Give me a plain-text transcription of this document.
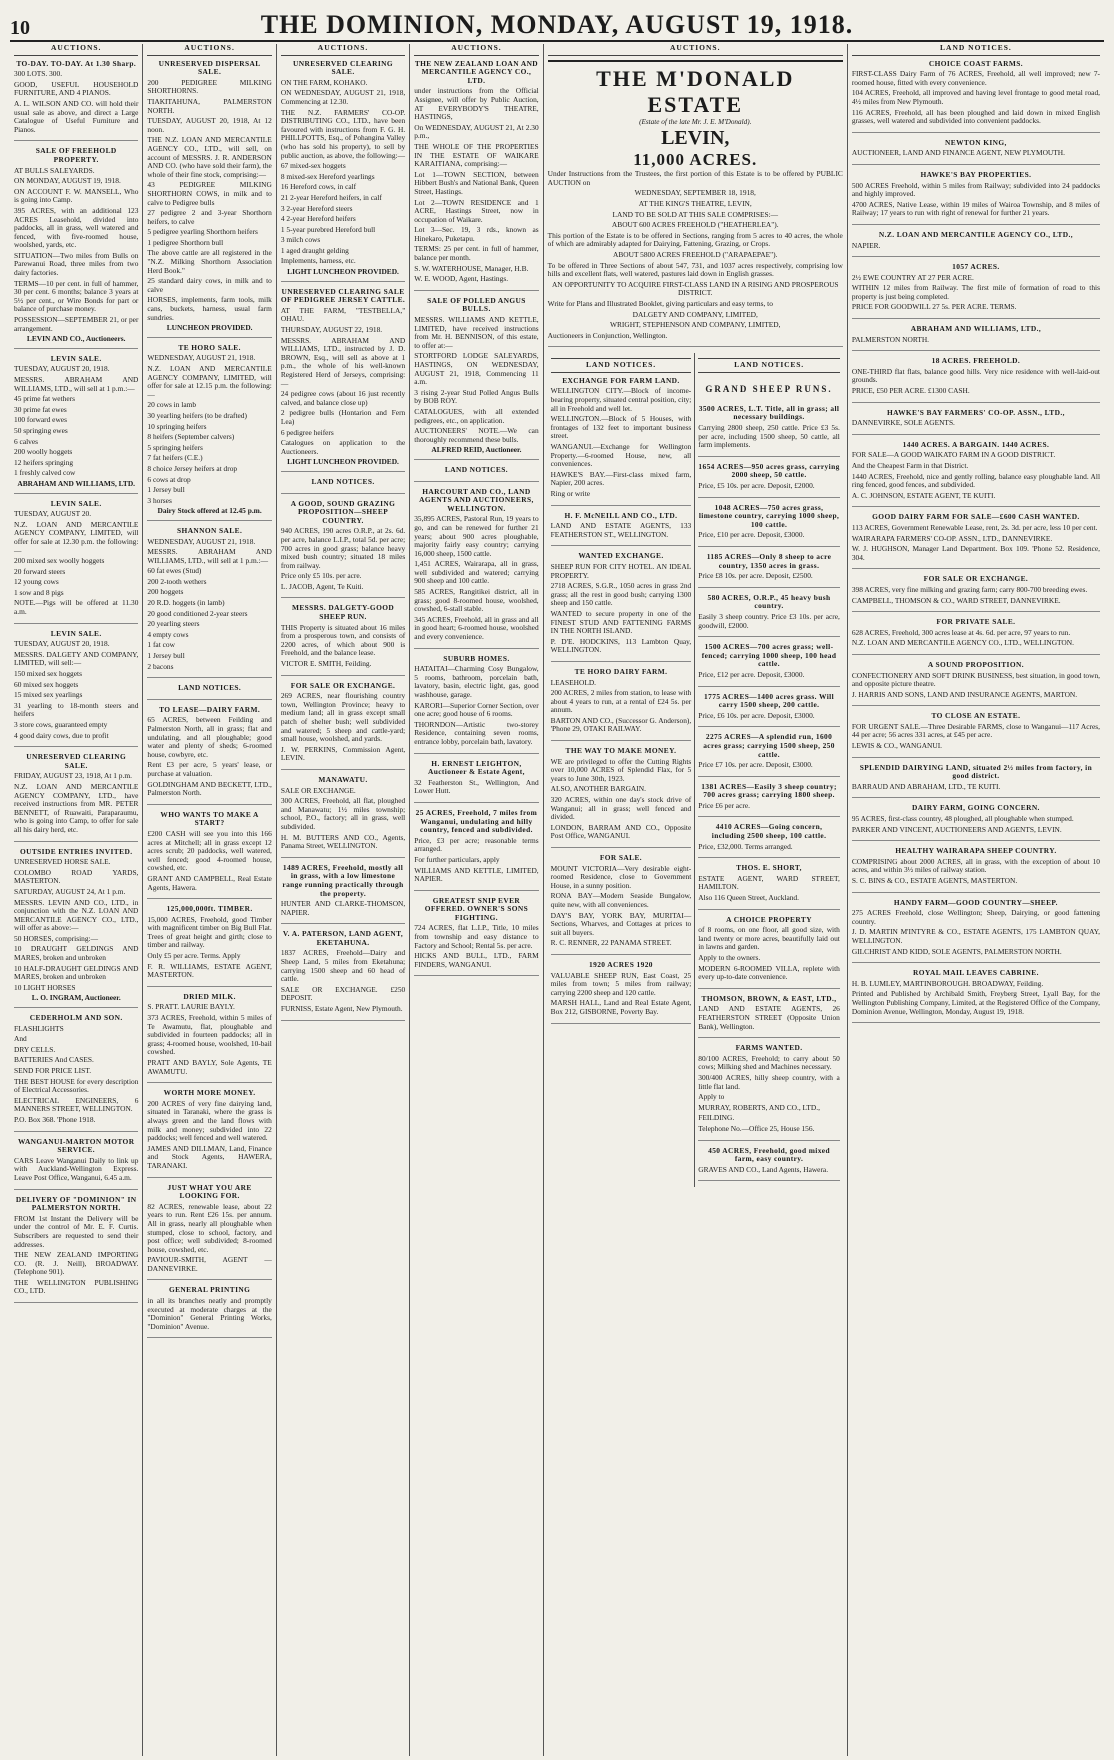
10	THE DOMINION, MONDAY, AUGUST 19, 1918.
AUCTIONS.
TO-DAY. TO-DAY. At 1.30 Sharp.

300 LOTS. 300.

GOOD, USEFUL HOUSEHOLD FURNITURE, AND 4 PIANOS.

A. L. WILSON AND CO. will hold their usual sale as above, and direct a Large Catalogue of Useful Furniture and Pianos.

SALE OF FREEHOLD PROPERTY.

AT BULLS SALEYARDS.

ON MONDAY, AUGUST 19, 1918.

ON ACCOUNT F. W. MANSELL, Who is going into Camp.

395 ACRES, with an additional 123 ACRES Leasehold, divided into paddocks, all in grass, well watered and fenced, with five-roomed house, woolshed, yards, etc.

SITUATION—Two miles from Bulls on Parewanui Road, three miles from two dairy factories.

TERMS—10 per cent. in full of hammer, 30 per cent. 6 months; balance 3 years at 5½ per cent., or Wire Bonds for part or balance of purchase money.

POSSESSION—SEPTEMBER 21, or per arrangement.

LEVIN AND CO., Auctioneers.
LEVIN SALE.

TUESDAY, AUGUST 20, 1918.

MESSRS. ABRAHAM AND WILLIAMS, LTD., will sell at 1 p.m.:—

45 prime fat wethers

30 prime fat ewes

100 forward ewes

50 springing ewes

6 calves

200 woolly hoggets

12 heifers springing

1 freshly calved cow

ABRAHAM AND WILLIAMS, LTD.
LEVIN SALE.

TUESDAY, AUGUST 20.

N.Z. LOAN AND MERCANTILE AGENCY COMPANY, LIMITED, will offer for sale at 12.30 p.m. the following:—

200 mixed sex woolly hoggets

20 forward steers

12 young cows

1 sow and 8 pigs

NOTE.—Pigs will be offered at 11.30 a.m.

LEVIN SALE.

TUESDAY, AUGUST 20, 1918.

MESSRS. DALGETY AND COMPANY, LIMITED, will sell:—

150 mixed sex hoggets

60 mixed sex hoggets

15 mixed sex yearlings

31 yearling to 18-month steers and heifers

3 store cows, guaranteed empty

4 good dairy cows, due to profit

UNRESERVED CLEARING SALE.

FRIDAY, AUGUST 23, 1918, At 1 p.m.

N.Z. LOAN AND MERCANTILE AGENCY COMPANY, LTD., have received instructions from MR. PETER BENNETT, of Ruawaiti, Paraparaumu, who is going into Camp, to offer for sale all his dairy herd, etc.

OUTSIDE ENTRIES INVITED.

UNRESERVED HORSE SALE.

COLOMBO ROAD YARDS, MASTERTON.

SATURDAY, AUGUST 24, At 1 p.m.

MESSRS. LEVIN AND CO., LTD., in conjunction with the N.Z. LOAN AND MERCANTILE AGENCY CO., LTD., will offer as above:—

50 HORSES, comprising:—

10 DRAUGHT GELDINGS AND MARES, broken and unbroken

10 HALF-DRAUGHT GELDINGS AND MARES, broken and unbroken

10 LIGHT HORSES

L. O. INGRAM, Auctioneer.
CEDERHOLM AND SON.

FLASHLIGHTS

And

DRY CELLS.

BATTERIES And CASES.

SEND FOR PRICE LIST.

THE BEST HOUSE for every description of Electrical Accessories.

ELECTRICAL ENGINEERS, 6 MANNERS STREET, WELLINGTON.

P.O. Box 368. 'Phone 1918.

WANGANUI-MARTON MOTOR SERVICE.

CARS Leave Wanganui Daily to link up with Auckland-Wellington Express. Leave Post Office, Wanganui, 6.45 a.m.

DELIVERY OF "DOMINION" IN PALMERSTON NORTH.

FROM 1st Instant the Delivery will be under the control of Mr. E. F. Curtis. Subscribers are requested to send their addresses.

THE NEW ZEALAND IMPORTING CO. (R. J. Neill), BROADWAY. (Telephone 901).

THE WELLINGTON PUBLISHING CO., LTD.

AUCTIONS.
UNRESERVED DISPERSAL SALE.

200 PEDIGREE MILKING SHORTHORNS.

TIAKITAHUNA, PALMERSTON NORTH.

TUESDAY, AUGUST 20, 1918, At 12 noon.

THE N.Z. LOAN AND MERCANTILE AGENCY CO., LTD., will sell, on account of MESSRS. J. R. ANDERSON AND CO. (who have sold their farm), the whole of their fine stock, comprising:—

43 PEDIGREE MILKING SHORTHORN COWS, in milk and to calve to Pedigree bulls

27 pedigree 2 and 3-year Shorthorn heifers, to calve

5 pedigree yearling Shorthorn heifers

1 pedigree Shorthorn bull

The above cattle are all registered in the "N.Z. Milking Shorthorn Association Herd Book."

25 standard dairy cows, in milk and to calve

HORSES, implements, farm tools, milk cans, buckets, harness, usual farm sundries.

LUNCHEON PROVIDED.
TE HORO SALE.

WEDNESDAY, AUGUST 21, 1918.

N.Z. LOAN AND MERCANTILE AGENCY COMPANY, LIMITED, will offer for sale at 12.15 p.m. the following:—

20 cows in lamb

30 yearling heifers (to be drafted)

10 springing heifers

8 heifers (September calvers)

5 springing heifers

7 fat heifers (C.E.)

8 choice Jersey heifers at drop

6 cows at drop

1 Jersey bull

3 horses

Dairy Stock offered at 12.45 p.m.
SHANNON SALE.

WEDNESDAY, AUGUST 21, 1918.

MESSRS. ABRAHAM AND WILLIAMS, LTD., will sell at 1 p.m.:—

60 fat ewes (Stud)

200 2-tooth wethers

200 hoggets

20 R.D. hoggets (in lamb)

20 good conditioned 2-year steers

20 yearling steers

4 empty cows

1 fat cow

1 Jersey bull

2 bacons

LAND NOTICES.
TO LEASE—DAIRY FARM.

65 ACRES, between Feilding and Palmerston North, all in grass; flat and undulating, and all ploughable; good water and plenty of sheds; 6-roomed house, cowbyre, etc.

Rent £3 per acre, 5 years' lease, or purchase at valuation.

GOLDINGHAM AND BECKETT, LTD., Palmerston North.

WHO WANTS TO MAKE A START?

£200 CASH will see you into this 166 acres at Mitchell; all in grass except 12 acres scrub; 20 paddocks, well watered, well fenced; good 4-roomed house, cowshed, etc.

GRANT AND CAMPBELL, Real Estate Agents, Hawera.

125,000,000ft. TIMBER.

15,000 ACRES, Freehold, good Timber with magnificent timber on Big Bull Flat. Trees of great height and girth; close to timber and railway.

Only £5 per acre. Terms. Apply

F. R. WILLIAMS, ESTATE AGENT, MASTERTON.

DRIED MILK.

S. PRATT. LAURIE BAYLY.

373 ACRES, Freehold, within 5 miles of Te Awamutu, flat, ploughable and subdivided in fourteen paddocks; all in grass; 4-roomed house, woolshed, 10-bail cowshed.

PRATT AND BAYLY, Sole Agents, TE AWAMUTU.

WORTH MORE MONEY.

200 ACRES of very fine dairying land, situated in Taranaki, where the grass is always green and the land flows with milk and money; subdivided into 22 paddocks; well fenced and well watered.

JAMES AND DILLMAN, Land, Finance and Stock Agents, HAWERA, TARANAKI.

JUST WHAT YOU ARE LOOKING FOR.

82 ACRES, renewable lease, about 22 years to run. Rent £26 15s. per annum. All in grass, nearly all ploughable when stumped, close to school, factory, and post office; well subdivided; 8-roomed house, cowshed, etc.

PAVIOUR-SMITH, AGENT — DANNEVIRKE.

GENERAL PRINTING

in all its branches neatly and promptly executed at moderate charges at the "Dominion" General Printing Works, "Dominion" Avenue.

AUCTIONS.
UNRESERVED CLEARING SALE.

ON THE FARM, KOHAKO.

ON WEDNESDAY, AUGUST 21, 1918, Commencing at 12.30.

THE N.Z. FARMERS' CO-OP. DISTRIBUTING CO., LTD., have been favoured with instructions from F. G. H. PHILLPOTTS, Esq., of Pohangina Valley (who has sold his property), to sell by public auction, as above, the following:—

67 mixed-sex hoggets

8 mixed-sex Hereford yearlings

16 Hereford cows, in calf

21 2-year Hereford heifers, in calf

3 2-year Hereford steers

4 2-year Hereford heifers

1 5-year purebred Hereford bull

3 milch cows

1 aged draught gelding

Implements, harness, etc.

LIGHT LUNCHEON PROVIDED.
UNRESERVED CLEARING SALE OF PEDIGREE JERSEY CATTLE.

AT THE FARM, "TESTBELLA," OHAU.

THURSDAY, AUGUST 22, 1918.

MESSRS. ABRAHAM AND WILLIAMS, LTD., instructed by J. D. BROWN, Esq., will sell as above at 1 p.m., the whole of his well-known Registered Herd of Jerseys, comprising:—

24 pedigree cows (about 16 just recently calved, and balance close up)

2 pedigree bulls (Hontarion and Fern Lea)

6 pedigree heifers

Catalogues on application to the Auctioneers.

LIGHT LUNCHEON PROVIDED.
LAND NOTICES.
A GOOD, SOUND GRAZING PROPOSITION—SHEEP COUNTRY.

940 ACRES, 190 acres O.R.P., at 2s. 6d. per acre, balance L.I.P., total 5d. per acre; 700 acres in good grass; balance heavy mixed bush country; situated 18 miles from railway.

Price only £5 10s. per acre.

L. JACOB, Agent, Te Kuiti.

MESSRS. DALGETY-GOOD SHEEP RUN.

THIS Property is situated about 16 miles from a prosperous town, and consists of 2200 acres, of which about 900 is Freehold, and the balance lease.

VICTOR E. SMITH, Feilding.

FOR SALE OR EXCHANGE.

269 ACRES, near flourishing country town, Wellington Province; heavy to medium land; all in grass except small patch of shelter bush; well subdivided and watered; 5 sheep and cattle-yard; small house, woolshed, and yards.

J. W. PERKINS, Commission Agent, LEVIN.

MANAWATU.

SALE OR EXCHANGE.

300 ACRES, Freehold, all flat, ploughed and Manawatu; 1½ miles township; school, P.O., factory; all in grass, well subdivided.

H. M. BUTTERS AND CO., Agents, Panama Street, WELLINGTON.

1489 ACRES, Freehold, mostly all in grass, with a low limestone range running practically through the property.

HUNTER AND CLARKE-THOMSON, NAPIER.

V. A. PATERSON, LAND AGENT, EKETAHUNA.

1837 ACRES, Freehold—Dairy and Sheep Land, 5 miles from Eketahuna; carrying 1500 sheep and 60 head of cattle.

SALE OR EXCHANGE. £250 DEPOSIT.

FURNISS, Estate Agent, New Plymouth.

AUCTIONS.
THE NEW ZEALAND LOAN AND MERCANTILE AGENCY CO., LTD.

under instructions from the Official Assignee, will offer by Public Auction, AT EVERYBODY'S THEATRE, HASTINGS,

On WEDNESDAY, AUGUST 21, At 2.30 p.m.,

THE WHOLE OF THE PROPERTIES IN THE ESTATE OF WAIKARE KARAITIANA, comprising:—

Lot 1—TOWN SECTION, between Hibbert Bush's and National Bank, Queen Street, Hastings.

Lot 2—TOWN RESIDENCE and 1 ACRE, Hastings Street, now in occupation of Waikare.

Lot 3—Sec. 19, 3 rds., known as Hinekaro, Puketapu.

TERMS: 25 per cent. in full of hammer, balance per month.

S. W. WATERHOUSE, Manager, H.B.

W. E. WOOD, Agent, Hastings.

SALE OF POLLED ANGUS BULLS.

MESSRS. WILLIAMS AND KETTLE, LIMITED, have received instructions from Mr. H. BENNISON, of this estate, to offer at:—

STORTFORD LODGE SALEYARDS, HASTINGS, ON WEDNESDAY, AUGUST 21, 1918, Commencing 11 a.m.

3 rising 2-year Stud Polled Angus Bulls by BOB ROY.

CATALOGUES, with all extended pedigrees, etc., on application.

AUCTIONEERS' NOTE.—We can thoroughly recommend these bulls.

ALFRED REID, Auctioneer.
LAND NOTICES.
HARCOURT AND CO., LAND AGENTS AND AUCTIONEERS, WELLINGTON.

35,895 ACRES, Pastoral Run, 19 years to go, and can be renewed for further 21 years; about 900 acres ploughable, majority fairly easy country; carrying 16,000 sheep, 1500 cattle.

1,451 ACRES, Wairarapa, all in grass, well subdivided and watered; carrying 900 sheep and 100 cattle.

585 ACRES, Rangitikei district, all in grass; good 8-roomed house, woolshed, cowshed, 6-stall stable.

345 ACRES, Freehold, all in grass and all in good heart; 6-roomed house, woolshed and every convenience.

SUBURB HOMES.

HATAITAI—Charming Cosy Bungalow, 5 rooms, bathroom, porcelain bath, lavatory, basin, electric light, gas, good washhouse, garage.

KARORI—Superior Corner Section, over one acre; good house of 6 rooms.

THORNDON—Artistic two-storey Residence, containing seven rooms, entrance lobby, porcelain bath, lavatory.

H. ERNEST LEIGHTON, Auctioneer & Estate Agent,

32 Featherston St., Wellington, And Lower Hutt.

25 ACRES, Freehold, 7 miles from Wanganui, undulating and hilly country, fenced and subdivided.

Price, £3 per acre; reasonable terms arranged.

For further particulars, apply

WILLIAMS AND KETTLE, LIMITED, NAPIER.

GREATEST SNIP EVER OFFERED. OWNER'S SONS FIGHTING.

724 ACRES, flat L.I.P., Title, 10 miles from township and easy distance to Factory and School; Rental 5s. per acre.

HICKS AND BULL, LTD., FARM FINDERS, WANGANUI.

AUCTIONS.
THE M'DONALD ESTATE
(Estate of the late Mr. J. E. M'Donald).
LEVIN,
11,000 ACRES.

Under Instructions from the Trustees, the first portion of this Estate is to be offered by PUBLIC AUCTION on

WEDNESDAY, SEPTEMBER 18, 1918,

AT THE KING'S THEATRE, LEVIN,

LAND TO BE SOLD AT THIS SALE COMPRISES:—

ABOUT 600 ACRES FREEHOLD ("HEATHERLEA").

This portion of the Estate is to be offered in Sections, ranging from 5 acres to 40 acres, the whole of which are admirably adapted for Dairying, Fattening, Grazing, or Crops.

ABOUT 5800 ACRES FREEHOLD ("ARAPAEPAE").

To be offered in Three Sections of about 547, 731, and 1037 acres respectively, comprising low hills and excellent flats, well watered, pastures laid down in English grasses.

AN OPPORTUNITY TO ACQUIRE FIRST-CLASS LAND IN A RISING AND PROSPEROUS DISTRICT.

Write for Plans and Illustrated Booklet, giving particulars and easy terms, to

DALGETY AND COMPANY, LIMITED,

WRIGHT, STEPHENSON AND COMPANY, LIMITED,

Auctioneers in Conjunction, Wellington.

LAND NOTICES.
EXCHANGE FOR FARM LAND.

WELLINGTON CITY.—Block of income-bearing property, situated central position, city; all in Freehold and well let.

WELLINGTON.—Block of 5 Houses, with frontages of 132 feet to important business street.

WANGANUI.—Exchange for Wellington Property.—6-roomed House, new, all conveniences.

HAWKE'S BAY.—First-class mixed farm, Napier, 200 acres.

Ring or write

H. F. McNEILL AND CO., LTD.

LAND AND ESTATE AGENTS, 133 FEATHERSTON ST., WELLINGTON.

WANTED EXCHANGE.

SHEEP RUN FOR CITY HOTEL. AN IDEAL PROPERTY.

2718 ACRES, S.G.R., 1050 acres in grass 2nd grass; all the rest in good bush; carrying 1300 sheep and 150 cattle.

WANTED to secure property in one of the FINEST STUD AND FATTENING FARMS IN THE NORTH ISLAND.

P. D'E. HODCKINS, 113 Lambton Quay, WELLINGTON.

TE HORO DAIRY FARM.

LEASEHOLD.

200 ACRES, 2 miles from station, to lease with about 4 years to run, at a rental of £24 5s. per annum.

BARTON AND CO., (Successor G. Anderson), 'Phone 29, OTAKI RAILWAY.

THE WAY TO MAKE MONEY.

WE are privileged to offer the Cutting Rights over 10,000 ACRES of Splendid Flax, for 5 years to June 30th, 1923.

ALSO, ANOTHER BARGAIN.

320 ACRES, within one day's stock drive of Wanganui; all in grass; well fenced and divided.

LONDON, BARRAM AND CO., Opposite Post Office, WANGANUI.

FOR SALE.

MOUNT VICTORIA—Very desirable eight-roomed Residence, close to Government House, in a sunny position.

RONA BAY—Modern Seaside Bungalow, quite new, with all conveniences.

DAY'S BAY, YORK BAY, MURITAI—Sections, Wharves, and Cottages at prices to suit all buyers.

R. C. RENNER, 22 PANAMA STREET.

1920 ACRES 1920

VALUABLE SHEEP RUN, East Coast, 25 miles from town; 5 miles from railway; carrying 2200 sheep and 120 cattle.

MARSH HALL, Land and Real Estate Agent, Box 212, GISBORNE, Poverty Bay.

LAND NOTICES.
GRAND SHEEP RUNS.
3500 ACRES, L.T. Title, all in grass; all necessary buildings.

Carrying 2800 sheep, 250 cattle. Price £3 5s. per acre, including 1500 sheep, 50 cattle, all farm implements.

1654 ACRES—950 acres grass, carrying 2000 sheep, 50 cattle.

Price, £5 10s. per acre. Deposit, £2000.

1048 ACRES—750 acres grass, limestone country, carrying 1000 sheep, 100 cattle.

Price, £10 per acre. Deposit, £3000.

1185 ACRES—Only 8 sheep to acre country, 1350 acres in grass.

Price £8 10s. per acre. Deposit, £2500.

580 ACRES, O.R.P., 45 heavy bush country.

Easily 3 sheep country. Price £3 10s. per acre, goodwill, £2000.

1500 ACRES—700 acres grass; well-fenced; carrying 1000 sheep, 100 head cattle.

Price, £12 per acre. Deposit, £3000.

1775 ACRES—1400 acres grass. Will carry 1500 sheep, 200 cattle.

Price, £6 10s. per acre. Deposit, £3000.

2275 ACRES—A splendid run, 1600 acres grass; carrying 1500 sheep, 250 cattle.

Price £7 10s. per acre. Deposit, £3000.

1381 ACRES—Easily 3 sheep country; 700 acres grass; carrying 1800 sheep.

Price £6 per acre.

4410 ACRES—Going concern, including 2500 sheep, 100 cattle.

Price, £32,000. Terms arranged.

THOS. E. SHORT,

ESTATE AGENT, WARD STREET, HAMILTON.

Also 116 Queen Street, Auckland.

A CHOICE PROPERTY

of 8 rooms, on one floor, all good size, with land twenty or more acres, beautifully laid out in lawns and garden.

Apply to the owners.

MODERN 6-ROOMED VILLA, replete with every up-to-date convenience.

THOMSON, BROWN, & EAST, LTD.,

LAND AND ESTATE AGENTS, 26 FEATHERSTON STREET (Opposite Union Bank), Wellington.

FARMS WANTED.

80/100 ACRES, Freehold; to carry about 50 cows; Milking shed and Machines necessary.

300/400 ACRES, hilly sheep country, with a little flat land.

Apply to

MURRAY, ROBERTS, AND CO., LTD.,

FEILDING.

Telephone No.—Office 25, House 156.

450 ACRES, Freehold, good mixed farm, easy country.

GRAVES AND CO., Land Agents, Hawera.

LAND NOTICES.
CHOICE COAST FARMS.

FIRST-CLASS Dairy Farm of 76 ACRES, Freehold, all well improved; new 7-roomed house, fitted with every convenience.

104 ACRES, Freehold, all improved and having level frontage to good metal road, 4½ miles from New Plymouth.

116 ACRES, Freehold, all has been ploughed and laid down in mixed English grasses, well watered and subdivided into convenient paddocks.

NEWTON KING,

AUCTIONEER, LAND AND FINANCE AGENT, NEW PLYMOUTH.

HAWKE'S BAY PROPERTIES.

500 ACRES Freehold, within 5 miles from Railway; subdivided into 24 paddocks and highly improved.

4700 ACRES, Native Lease, within 19 miles of Wairoa Township, and 8 miles of Railway; 17 years to run with right of renewal for further 21 years.

N.Z. LOAN AND MERCANTILE AGENCY CO., LTD.,

NAPIER.

1057 ACRES.

2½ EWE COUNTRY AT 27 PER ACRE.

WITHIN 12 miles from Railway. The first mile of formation of road to this property is just being completed.

PRICE FOR GOODWILL 27 5s. PER ACRE. TERMS.

ABRAHAM AND WILLIAMS, LTD.,

PALMERSTON NORTH.

18 ACRES. FREEHOLD.

ONE-THIRD flat flats, balance good hills. Very nice residence with well-laid-out grounds.

PRICE, £50 PER ACRE. £1300 CASH.

HAWKE'S BAY FARMERS' CO-OP. ASSN., LTD.,

DANNEVIRKE, SOLE AGENTS.

1440 ACRES. A BARGAIN. 1440 ACRES.

FOR SALE—A GOOD WAIKATO FARM IN A GOOD DISTRICT.

And the Cheapest Farm in that District.

1440 ACRES, Freehold, nice and gently rolling, balance easy ploughable land. All ring fenced, good fences, and subdivided.

A. C. JOHNSON, ESTATE AGENT, TE KUITI.

GOOD DAIRY FARM FOR SALE—£600 CASH WANTED.

113 ACRES, Government Renewable Lease, rent, 2s. 3d. per acre, less 10 per cent.

WAIRARAPA FARMERS' CO-OP. ASSN., LTD., DANNEVIRKE.

W. J. HUGHSON, Manager Land Department. Box 109. 'Phone 52. Residence, 304.

FOR SALE OR EXCHANGE.

398 ACRES, very fine milking and grazing farm; carry 800-700 breeding ewes.

CAMPBELL, THOMSON & CO., WARD STREET, DANNEVIRKE.

FOR PRIVATE SALE.

628 ACRES, Freehold, 300 acres lease at 4s. 6d. per acre, 97 years to run.

N.Z. LOAN AND MERCANTILE AGENCY CO., LTD., WELLINGTON.

A SOUND PROPOSITION.

CONFECTIONERY AND SOFT DRINK BUSINESS, best situation, in good town, and opposite picture theatre.

J. HARRIS AND SONS, LAND AND INSURANCE AGENTS, MARTON.

TO CLOSE AN ESTATE.

FOR URGENT SALE.—Three Desirable FARMS, close to Wanganui—117 Acres, 44 per acre; 56 acres 331 acres, at £45 per acre.

LEWIS & CO., WANGANUI.

SPLENDID DAIRYING LAND, situated 2½ miles from factory, in good district.

BARRAUD AND ABRAHAM, LTD., TE KUITI.

DAIRY FARM, GOING CONCERN.

95 ACRES, first-class country, 48 ploughed, all ploughable when stumped.

PARKER AND VINCENT, AUCTIONEERS AND AGENTS, LEVIN.

HEALTHY WAIRARAPA SHEEP COUNTRY.

COMPRISING about 2000 ACRES, all in grass, with the exception of about 10 acres, and within 3½ miles of railway station.

S. C. BINS & CO., ESTATE AGENTS, MASTERTON.

HANDY FARM—GOOD COUNTRY—SHEEP.

275 ACRES Freehold, close Wellington; Sheep, Dairying, or good fattening country.

J. D. MARTIN M'INTYRE & CO., ESTATE AGENTS, 175 LAMBTON QUAY, WELLINGTON.

GILCHRIST AND KIDD, SOLE AGENTS, PALMERSTON NORTH.

ROYAL MAIL LEAVES CABRINE.

H. B. LUMLEY, MARTINBOROUGH. BROADWAY, Feilding.

Printed and Published by Archibald Smith, Freyberg Street, Lyall Bay, for the Wellington Publishing Company, Limited, at the Registered Office of the Company, Dominion Avenue, Wellington, Monday, August 19, 1918.
